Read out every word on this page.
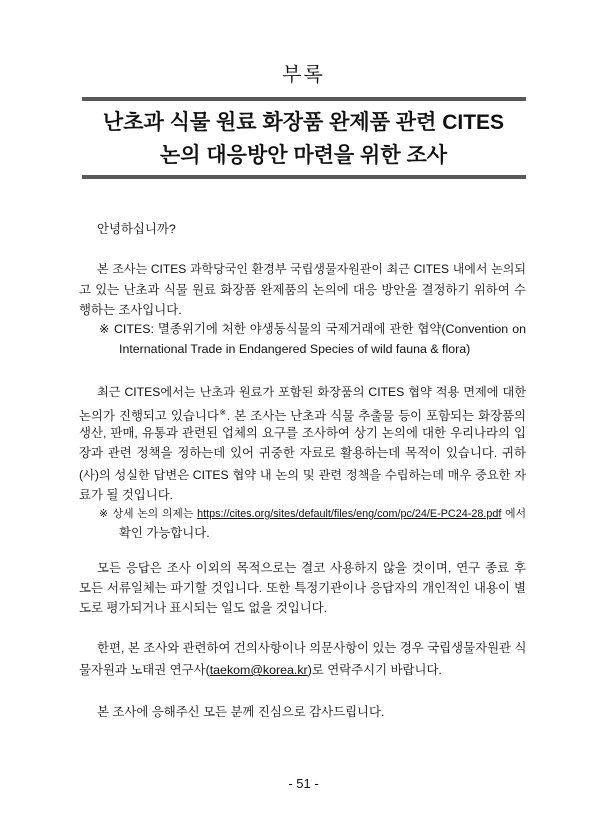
부록
난초과 식물 원료 화장품 완제품 관련 CITES
논의 대응방안 마련을 위한 조사
안녕하십니까?
본 조사는 CITES 과학당국인 환경부 국립생물자원관이 최근 CITES 내에서 논의되
고 있는 난초과 식물 원료 화장품 완제품의 논의에 대응 방안을 결정하기 위하여 수
행하는 조사입니다.
※ CITES: 멸종위기에 처한 야생동식물의 국제거래에 관한 협약(Convention on
International Trade in Endangered Species of wild fauna & flora)
최근 CITES에서는 난초과 원료가 포함된 화장품의 CITES 협약 적용 면제에 대한
논의가 진행되고 있습니다※. 본 조사는 난초과 식물 추출물 등이 포함되는 화장품의
생산, 판매, 유통과 관련된 업체의 요구를 조사하여 상기 논의에 대한 우리나라의 입
장과 관련 정책을 정하는데 있어 귀중한 자료로 활용하는데 목적이 있습니다. 귀하
(사)의 성실한 답변은 CITES 협약 내 논의 및 관련 정책을 수립하는데 매우 중요한 자
료가 될 것입니다.
※ 상세 논의 의제는 https://cites.org/sites/default/files/eng/com/pc/24/E-PC24-28.pdf 에서
확인 가능합니다.
모든 응답은 조사 이외의 목적으로는 결코 사용하지 않을 것이며, 연구 종료 후
모든 서류일체는 파기할 것입니다. 또한 특정기관이나 응답자의 개인적인 내용이 별
도로 평가되거나 표시되는 일도 없을 것입니다.
한편, 본 조사와 관련하여 건의사항이나 의문사항이 있는 경우 국립생물자원관 식
물자원과 노태권 연구사(taekom@korea.kr)로 연락주시기 바랍니다.
본 조사에 응해주신 모든 분께 진심으로 감사드립니다.
- 51 -
